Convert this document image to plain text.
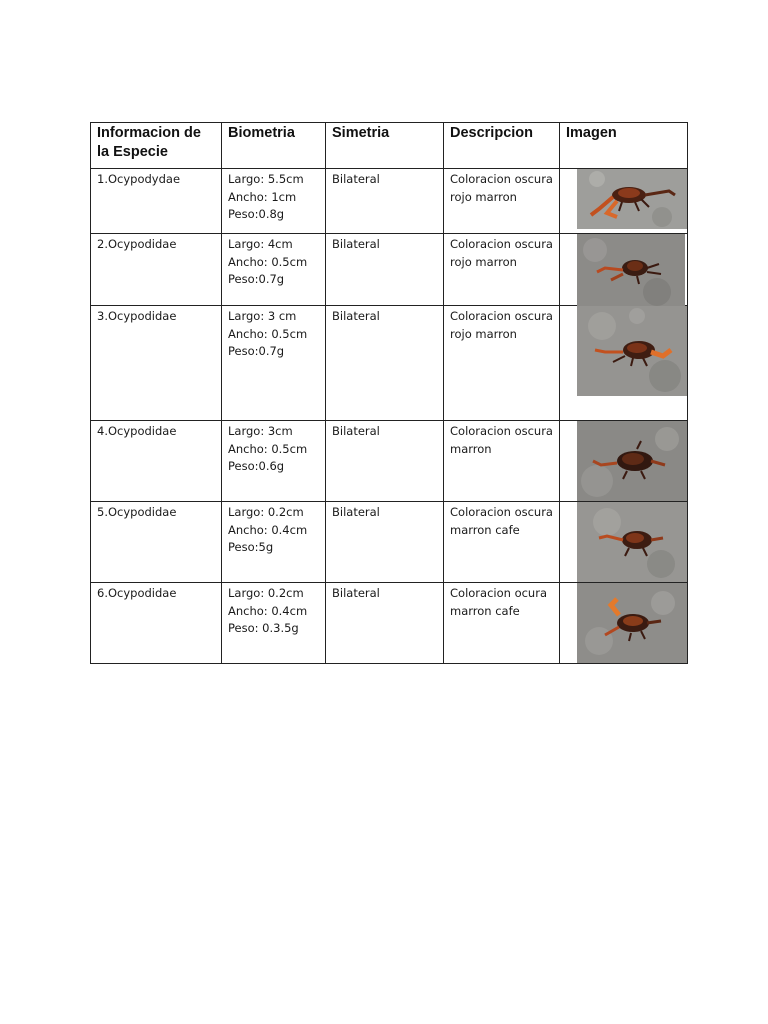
Informacion de
la Especie	Biometria	Simetria	Descripcion	Imagen

1.Ocypodydae	Largo: 5.5cm
Ancho: 1cm
Peso:0.8g	Bilateral	Coloracion oscura
rojo marron

2.Ocypodidae	Largo: 4cm
Ancho: 0.5cm
Peso:0.7g	Bilateral	Coloracion oscura
rojo marron

3.Ocypodidae	Largo: 3 cm
Ancho: 0.5cm
Peso:0.7g	Bilateral	Coloracion oscura
rojo marron

4.Ocypodidae	Largo: 3cm
Ancho: 0.5cm
Peso:0.6g	Bilateral	Coloracion oscura
marron

5.Ocypodidae	Largo: 0.2cm
Ancho: 0.4cm
Peso:5g	Bilateral	Coloracion oscura
marron cafe

6.Ocypodidae	Largo: 0.2cm
Ancho: 0.4cm
Peso: 0.3.5g	Bilateral	Coloracion ocura
marron cafe
